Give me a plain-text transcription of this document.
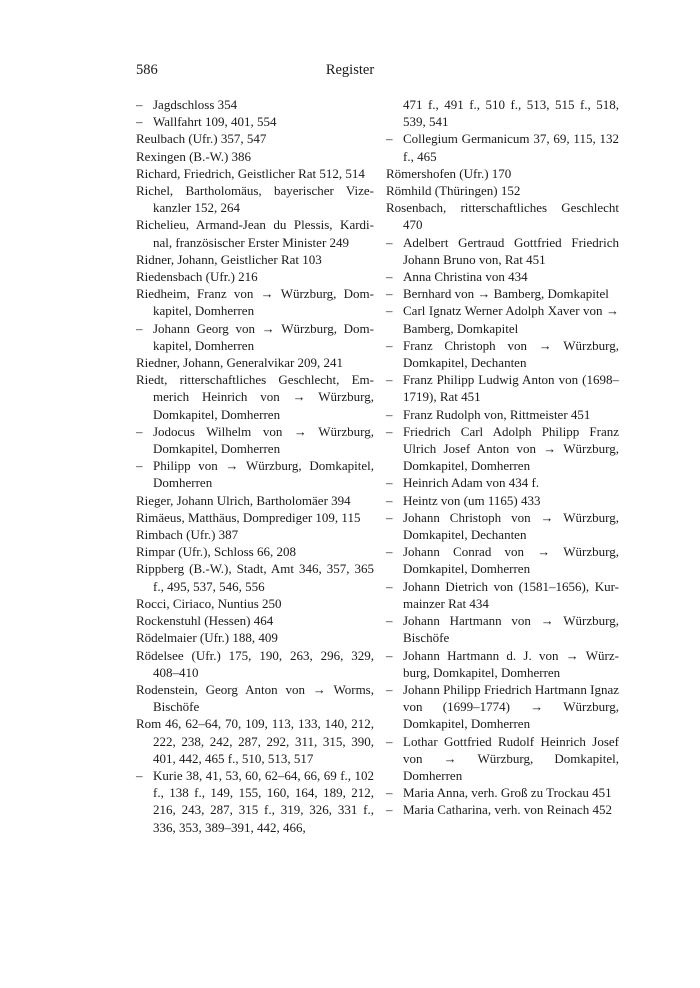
586	Register

– Jagdschloss 354

– Wallfahrt 109, 401, 554

Reulbach (Ufr.) 357, 547

Rexingen (B.-W.) 386

Richard, Friedrich, Geistlicher Rat 512, 514

Richel, Bartholomäus, bayerischer Vize-kanzler 152, 264

Richelieu, Armand-Jean du Plessis, Kardi-nal, französischer Erster Minister 249

Ridner, Johann, Geistlicher Rat 103

Riedensbach (Ufr.) 216

Riedheim, Franz von → Würzburg, Dom-kapitel, Domherren

– Johann Georg von → Würzburg, Dom-kapitel, Domherren

Riedner, Johann, Generalvikar 209, 241

Riedt, ritterschaftliches Geschlecht, Em-merich Heinrich von → Würzburg, Domkapitel, Domherren

– Jodocus Wilhelm von → Würzburg, Domkapitel, Domherren

– Philipp von → Würzburg, Domkapitel, Domherren

Rieger, Johann Ulrich, Bartholomäer 394

Rimäeus, Matthäus, Domprediger 109, 115

Rimbach (Ufr.) 387

Rimpar (Ufr.), Schloss 66, 208

Rippberg (B.-W.), Stadt, Amt 346, 357, 365 f., 495, 537, 546, 556

Rocci, Ciriaco, Nuntius 250

Rockenstuhl (Hessen) 464

Rödelmaier (Ufr.) 188, 409

Rödelsee (Ufr.) 175, 190, 263, 296, 329, 408–410

Rodenstein, Georg Anton von → Worms, Bischöfe

Rom 46, 62–64, 70, 109, 113, 133, 140, 212, 222, 238, 242, 287, 292, 311, 315, 390, 401, 442, 465 f., 510, 513, 517

– Kurie 38, 41, 53, 60, 62–64, 66, 69 f., 102 f., 138 f., 149, 155, 160, 164, 189, 212, 216, 243, 287, 315 f., 319, 326, 331 f., 336, 353, 389–391, 442, 466,

471 f., 491 f., 510 f., 513, 515 f., 518, 539, 541

– Collegium Germanicum 37, 69, 115, 132 f., 465

Römershofen (Ufr.) 170

Römhild (Thüringen) 152

Rosenbach, ritterschaftliches Geschlecht 470

– Adelbert Gertraud Gottfried Friedrich Johann Bruno von, Rat 451

– Anna Christina von 434

– Bernhard von → Bamberg, Domkapitel

– Carl Ignatz Werner Adolph Xaver von → Bamberg, Domkapitel

– Franz Christoph von → Würzburg, Domkapitel, Dechanten

– Franz Philipp Ludwig Anton von (1698–1719), Rat 451

– Franz Rudolph von, Rittmeister 451

– Friedrich Carl Adolph Philipp Franz Ulrich Josef Anton von → Würzburg, Domkapitel, Domherren

– Heinrich Adam von 434 f.

– Heintz von (um 1165) 433

– Johann Christoph von → Würzburg, Domkapitel, Dechanten

– Johann Conrad von → Würzburg, Domkapitel, Domherren

– Johann Dietrich von (1581–1656), Kur-mainzer Rat 434

– Johann Hartmann von → Würzburg, Bischöfe

– Johann Hartmann d. J. von → Würz-burg, Domkapitel, Domherren

– Johann Philipp Friedrich Hartmann Ignaz von (1699–1774) → Würzburg, Domkapitel, Domherren

– Lothar Gottfried Rudolf Heinrich Josef von → Würzburg, Domkapitel, Domherren

– Maria Anna, verh. Groß zu Trockau 451

– Maria Catharina, verh. von Reinach 452
